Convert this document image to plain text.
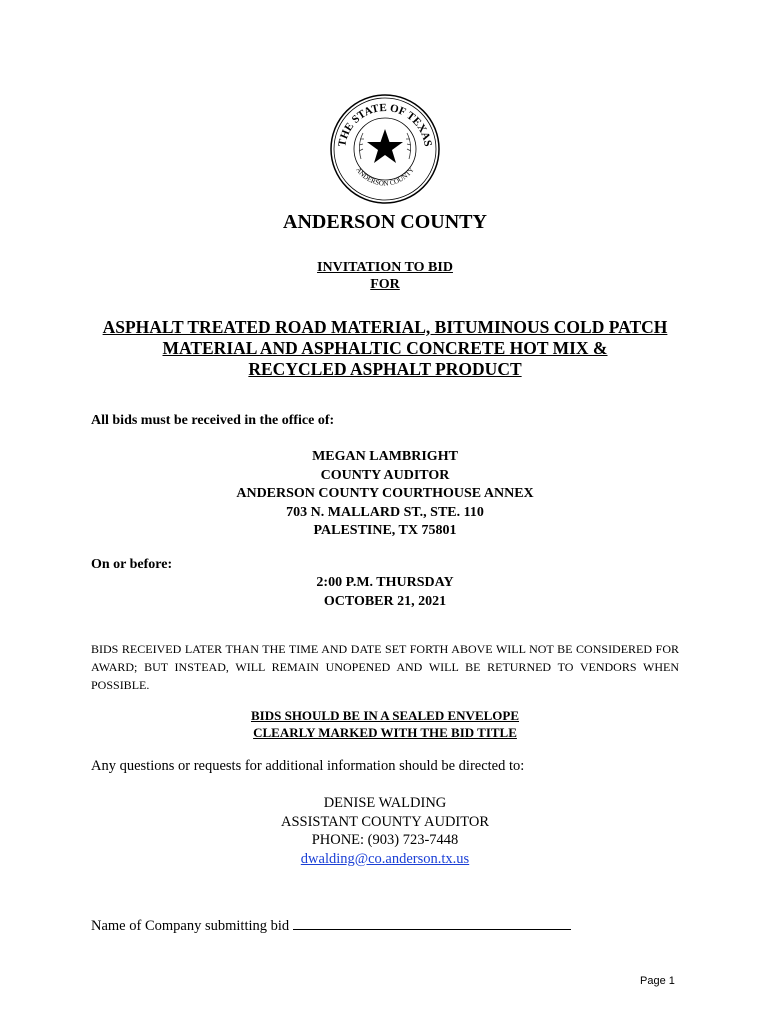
THE STATE OF TEXAS
ANDERSON COUNTY
ANDERSON COUNTY
INVITATION TO BID
FOR
ASPHALT TREATED ROAD MATERIAL, BITUMINOUS COLD PATCH
MATERIAL AND ASPHALTIC CONCRETE HOT MIX &
RECYCLED ASPHALT PRODUCT
All bids must be received in the office of:
MEGAN LAMBRIGHT
COUNTY AUDITOR
ANDERSON COUNTY COURTHOUSE ANNEX
703 N. MALLARD ST., STE. 110
PALESTINE, TX 75801
On or before:
2:00 P.M. THURSDAY
OCTOBER 21, 2021
BIDS RECEIVED LATER THAN THE TIME AND DATE SET FORTH ABOVE WILL NOT BE CONSIDERED FOR AWARD; BUT INSTEAD, WILL REMAIN UNOPENED AND WILL BE RETURNED TO VENDORS WHEN POSSIBLE.
BIDS SHOULD BE IN A SEALED ENVELOPE
CLEARLY MARKED WITH THE BID TITLE
Any questions or requests for additional information should be directed to:
DENISE WALDING
ASSISTANT COUNTY AUDITOR
PHONE: (903) 723-7448
dwalding@co.anderson.tx.us
Name of Company submitting bid
Page 1
